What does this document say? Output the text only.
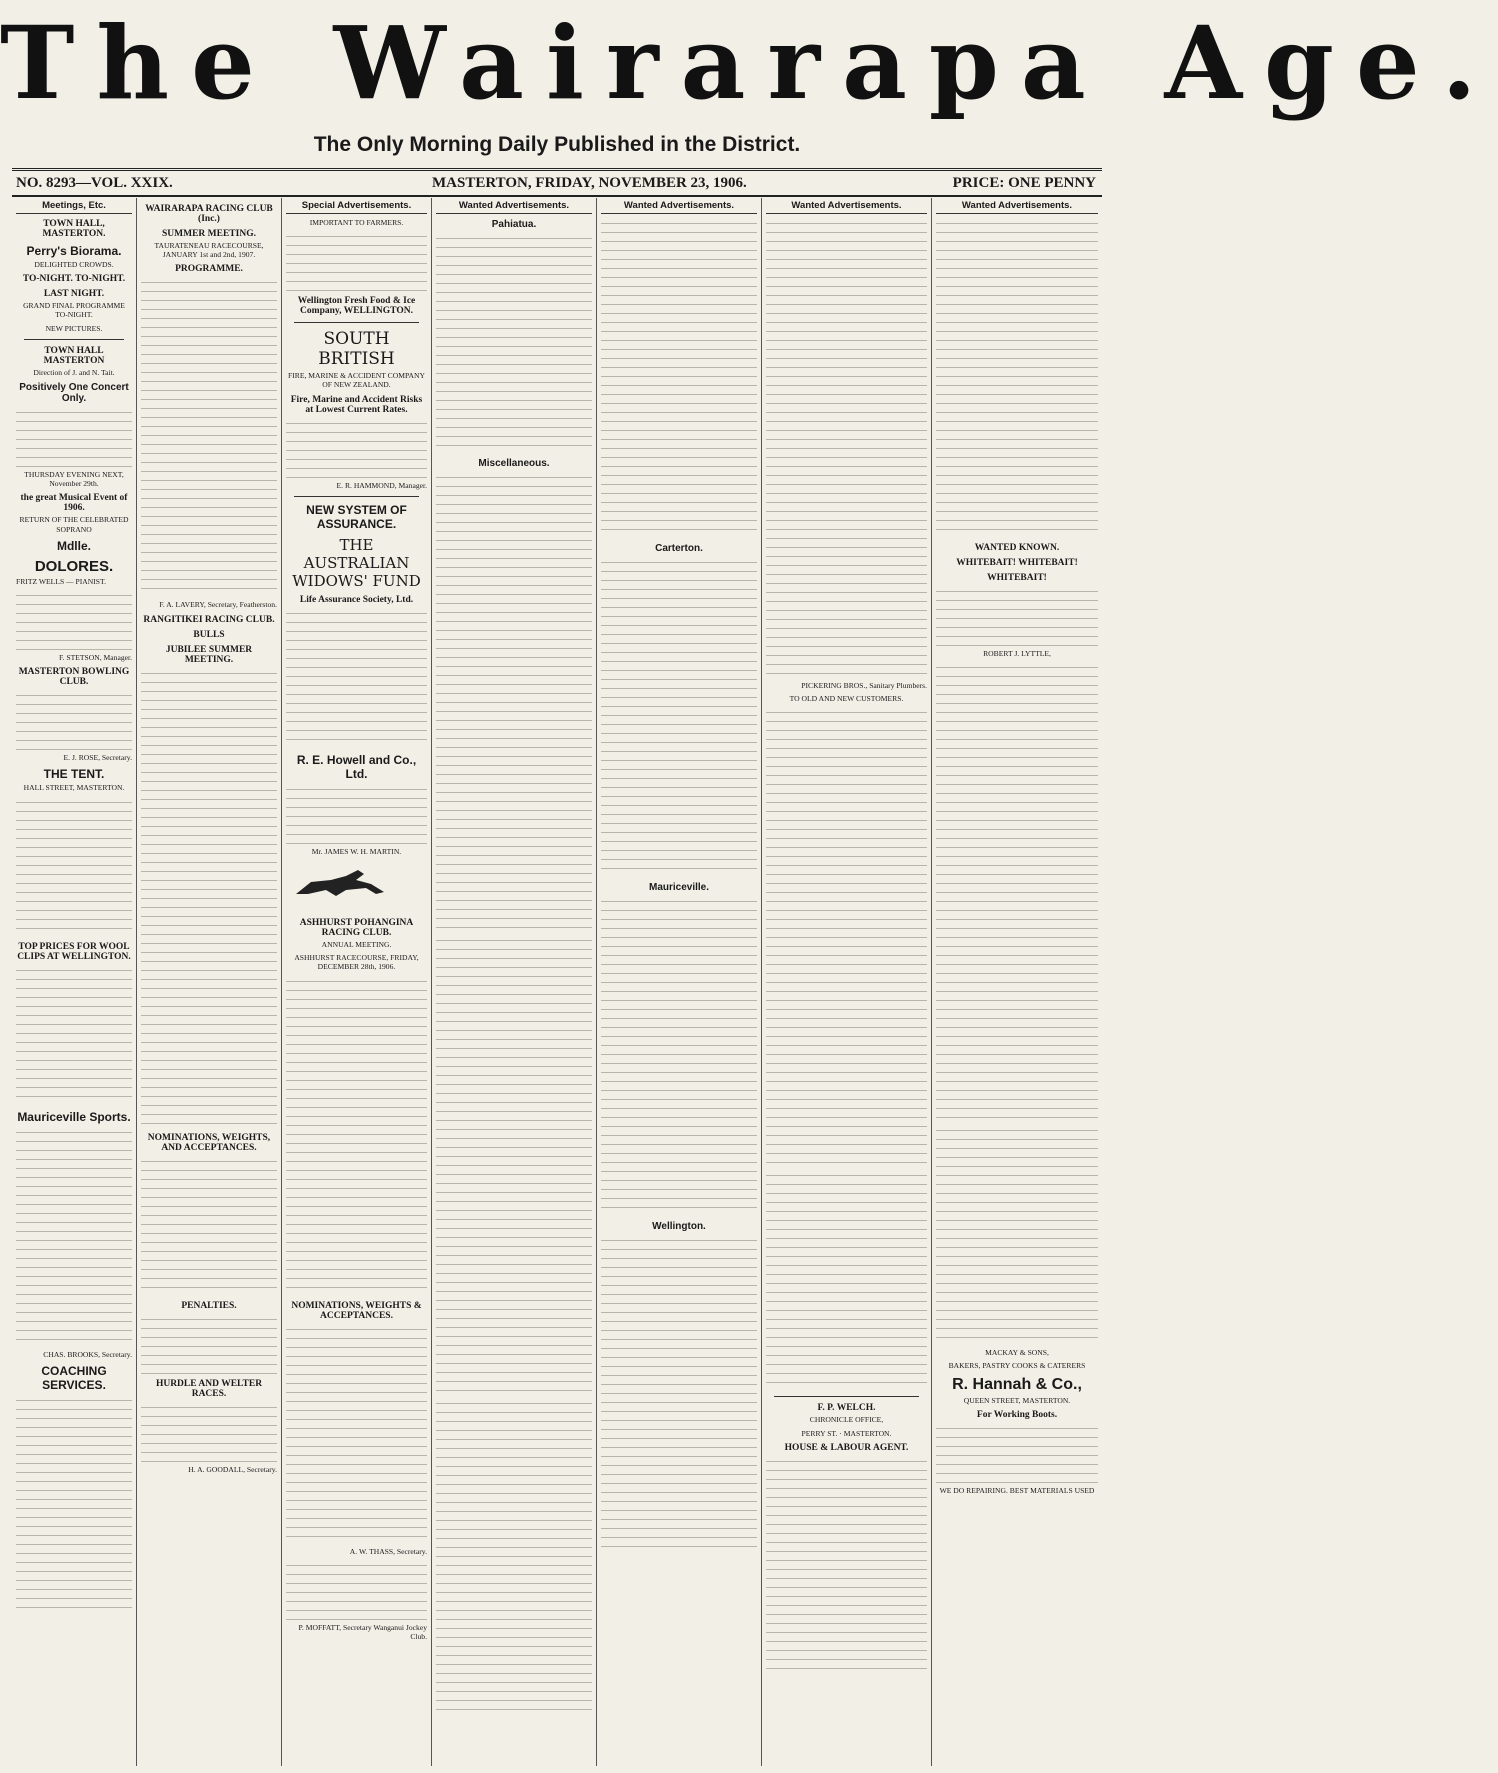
The Wairarapa Age.
The Only Morning Daily Published in the District.
NO. 8293—VOL. XXIX.	MASTERTON, FRIDAY, NOVEMBER 23, 1906.	PRICE: ONE PENNY
Meetings, Etc.
TOWN HALL, MASTERTON.
Perry's Biorama.
DELIGHTED CROWDS.
TO-NIGHT. TO-NIGHT.
LAST NIGHT.
GRAND FINAL PROGRAMME TO-NIGHT.
NEW PICTURES.
TOWN HALL MASTERTON
Direction of J. and N. Tait.
Positively One Concert Only.
THURSDAY EVENING NEXT, November 29th.
the great Musical Event of 1906.
RETURN OF THE CELEBRATED SOPRANO
Mdlle.
DOLORES.
FRITZ WELLS — PIANIST.
F. STETSON, Manager.
MASTERTON BOWLING CLUB.
E. J. ROSE, Secretary.
THE TENT.
HALL STREET, MASTERTON.
TOP PRICES FOR WOOL CLIPS AT WELLINGTON.
Mauriceville Sports.
CHAS. BROOKS, Secretary.
COACHING SERVICES.
WAIRARAPA RACING CLUB (Inc.)
SUMMER MEETING.
TAURATENEAU RACECOURSE, JANUARY 1st and 2nd, 1907.
PROGRAMME.
F. A. LAVERY, Secretary, Featherston.
RANGITIKEI RACING CLUB.
BULLS
JUBILEE SUMMER MEETING.
NOMINATIONS, WEIGHTS, AND ACCEPTANCES.
PENALTIES.
HURDLE AND WELTER RACES.
H. A. GOODALL, Secretary.
Special Advertisements.
IMPORTANT TO FARMERS.
Wellington Fresh Food & Ice Company, WELLINGTON.
SOUTH BRITISH
FIRE, MARINE & ACCIDENT COMPANY OF NEW ZEALAND.
Fire, Marine and Accident Risks at Lowest Current Rates.
E. R. HAMMOND, Manager.
NEW SYSTEM OF ASSURANCE.
THE AUSTRALIAN WIDOWS' FUND
Life Assurance Society, Ltd.
R. E. Howell and Co., Ltd.
Mr. JAMES W. H. MARTIN.
ASHHURST POHANGINA RACING CLUB.
ANNUAL MEETING.
ASHHURST RACECOURSE, FRIDAY, DECEMBER 28th, 1906.
NOMINATIONS, WEIGHTS & ACCEPTANCES.
A. W. THASS, Secretary.
P. MOFFATT, Secretary Wanganui Jockey Club.
Wanted Advertisements.
Pahiatua.
Miscellaneous.
Wanted Advertisements.
Carterton.
Mauriceville.
Wellington.
Wanted Advertisements.
PICKERING BROS., Sanitary Plumbers.
TO OLD AND NEW CUSTOMERS.
F. P. WELCH.
CHRONICLE OFFICE,
PERRY ST. · MASTERTON.
HOUSE & LABOUR AGENT.
Wanted Advertisements.
WANTED KNOWN.
WHITEBAIT! WHITEBAIT!
WHITEBAIT!
ROBERT J. LYTTLE,
MACKAY & SONS,
BAKERS, PASTRY COOKS & CATERERS
R. Hannah & Co.,
QUEEN STREET, MASTERTON.
For Working Boots.
WE DO REPAIRING. BEST MATERIALS USED
